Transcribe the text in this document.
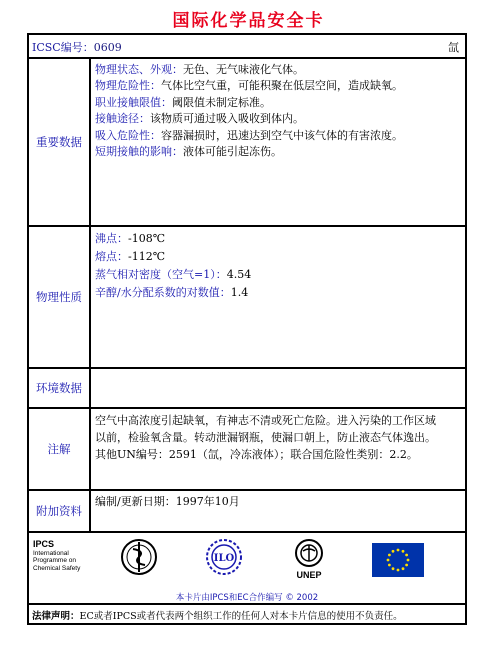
国际化学品安全卡
ICSC编号：0609	氙
重要数据
物理状态、外观：无色、无气味液化气体。
物理危险性：气体比空气重，可能积聚在低层空间，造成缺氧。
职业接触限值：阈限值未制定标准。
接触途径：该物质可通过吸入吸收到体内。
吸入危险性：容器漏损时，迅速达到空气中该气体的有害浓度。
短期接触的影响：液体可能引起冻伤。
物理性质
沸点：-108℃
熔点：-112℃
蒸气相对密度（空气=1）：4.54
辛醇/水分配系数的对数值：1.4
环境数据
注解
空气中高浓度引起缺氧，有神志不清或死亡危险。进入污染的工作区域
以前，检验氧含量。转动泄漏钢瓶，使漏口朝上，防止液态气体逸出。
其他UN编号：2591（氙，冷冻液体）；联合国危险性类别：2.2。
附加资料
编制/更新日期：1997年10月
IPCS
International
Programme on
Chemical Safety
ILO
UNEP
本卡片由IPCS和EC合作编写 © 2002
法律声明：EC或者IPCS或者代表两个组织工作的任何人对本卡片信息的使用不负责任。
